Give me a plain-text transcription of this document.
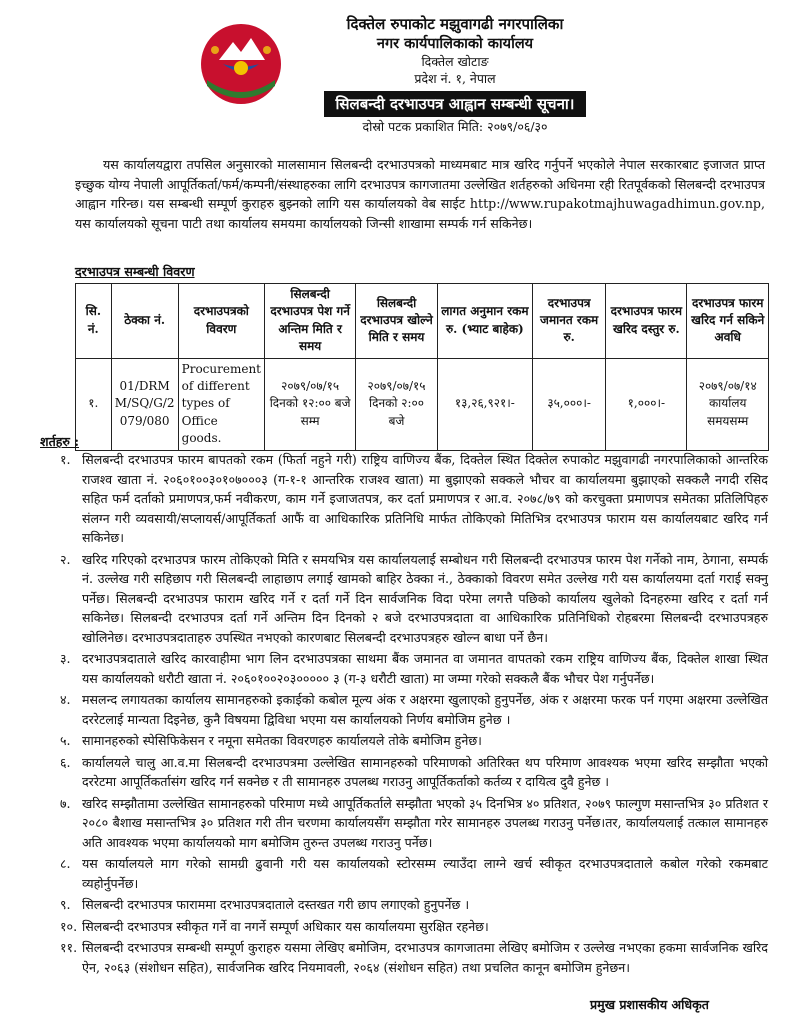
दिक्तेल रुपाकोट मझुवागढी नगरपालिका
नगर कार्यपालिकाको कार्यालय
दिक्तेल खोटाङ
प्रदेश नं. १, नेपाल
सिलबन्दी दरभाउपत्र आह्वान सम्बन्धी सूचना।
दोस्रो पटक प्रकाशित मिति: २०७९/०६/३०

यस कार्यालयद्वारा तपसिल अनुसारको मालसामान सिलबन्दी दरभाउपत्रको माध्यमबाट मात्र खरिद गर्नुपर्ने भएकोले नेपाल सरकारबाट इजाजत प्राप्त इच्छुक योग्य नेपाली आपूर्तिकर्ता/फर्म/कम्पनी/संस्थाहरुका लागि दरभाउपत्र कागजातमा उल्लेखित शर्तहरुको अधिनमा रही रितपूर्वकको सिलबन्दी दरभाउपत्र आह्वान गरिन्छ। यस सम्बन्धी सम्पूर्ण कुराहरु बुझ्नको लागि यस कार्यालयको वेब साईट http://www.rupakotmajhuwagadhimun.gov.np, यस कार्यालयको सूचना पाटी तथा कार्यालय समयमा कार्यालयको जिन्सी शाखामा सम्पर्क गर्न सकिनेछ।

दरभाउपत्र सम्बन्धी विवरण
सि. नं.	ठेक्का नं.	दरभाउपत्रको विवरण	सिलबन्दी दरभाउपत्र पेश गर्ने अन्तिम मिति र समय	सिलबन्दी दरभाउपत्र खोल्ने मिति र समय	लागत अनुमान रकम रु. (भ्याट बाहेक)	दरभाउपत्र जमानत रकम रु.	दरभाउपत्र फारम खरिद दस्तुर रु.	दरभाउपत्र फारम खरिद गर्न सकिने अवधि
१.	01/DRMM/SQ/G/2079/080	Procurement of different types of Office goods.	२०७९/०७/१५ दिनको १२:०० बजे सम्म	२०७९/०७/१५ दिनको २:०० बजे	१३,२६,९२१।-	३५,०००।-	१,०००।-	२०७९/०७/१४ कार्यालय समयसम्म
शर्तहरु :
१. सिलबन्दी दरभाउपत्र फारम बापतको रकम (फिर्ता नहुने गरी) राष्ट्रिय वाणिज्य बैंक, दिक्तेल स्थित दिक्तेल रुपाकोट मझुवागढी नगरपालिकाको आन्तरिक राजश्व खाता नं. २०६०१००३०१०७०००३ (ग-१-१ आन्तरिक राजश्व खाता) मा बुझाएको सक्कले भौचर वा कार्यालयमा बुझाएको सक्कलै नगदी रसिद सहित फर्म दर्ताको प्रमाणपत्र,फर्म नवीकरण, काम गर्ने इजाजतपत्र, कर दर्ता प्रमाणपत्र र आ.व. २०७८/७९ को करचुक्ता प्रमाणपत्र समेतका प्रतिलिपिहरु संलग्न गरी व्यवसायी/सप्लायर्स/आपूर्तिकर्ता आफैं वा आधिकारिक प्रतिनिधि मार्फत तोकिएको मितिभित्र दरभाउपत्र फाराम यस कार्यालयबाट खरिद गर्न सकिनेछ।
२. खरिद गरिएको दरभाउपत्र फारम तोकिएको मिति र समयभित्र यस कार्यालयलाई सम्बोधन गरी सिलबन्दी दरभाउपत्र फारम पेश गर्नेको नाम, ठेगाना, सम्पर्क नं. उल्लेख गरी सहिछाप गरी सिलबन्दी लाहाछाप लगाई खामको बाहिर ठेक्का नं., ठेक्काको विवरण समेत उल्लेख गरी यस कार्यालयमा दर्ता गराई सक्नु पर्नेछ। सिलबन्दी दरभाउपत्र फाराम खरिद गर्ने र दर्ता गर्ने दिन सार्वजनिक विदा परेमा लगत्तै पछिको कार्यालय खुलेको दिनहरुमा खरिद र दर्ता गर्न सकिनेछ। सिलबन्दी दरभाउपत्र दर्ता गर्ने अन्तिम दिन दिनको २ बजे दरभाउपत्रदाता वा आधिकारिक प्रतिनिधिको रोहबरमा सिलबन्दी दरभाउपत्रहरु खोलिनेछ। दरभाउपत्रदाताहरु उपस्थित नभएको कारणबाट सिलबन्दी दरभाउपत्रहरु खोल्न बाधा पर्ने छैन।
३. दरभाउपत्रदाताले खरिद कारवाहीमा भाग लिन दरभाउपत्रका साथमा बैंक जमानत वा जमानत वापतको रकम राष्ट्रिय वाणिज्य बैंक, दिक्तेल शाखा स्थित यस कार्यालयको धरौटी खाता नं. २०६०१००२०३००००० ३ (ग-३ धरौटी खाता) मा जम्मा गरेको सक्कलै बैंक भौचर पेश गर्नुपर्नेछ।
४. मसलन्द लगायतका कार्यालय सामानहरुको इकाईको कबोल मूल्य अंक र अक्षरमा खुलाएको हुनुपर्नेछ, अंक र अक्षरमा फरक पर्न गएमा अक्षरमा उल्लेखित दररेटलाई मान्यता दिइनेछ, कुनै विषयमा द्विविधा भएमा यस कार्यालयको निर्णय बमोजिम हुनेछ ।
५. सामानहरुको स्पेसिफिकेसन र नमूना समेतका विवरणहरु कार्यालयले तोके बमोजिम हुनेछ।
६. कार्यालयले चालु आ.व.मा सिलबन्दी दरभाउपत्रमा उल्लेखित सामानहरुको परिमाणको अतिरिक्त थप परिमाण आवश्यक भएमा खरिद सम्झौता भएको दररेटमा आपूर्तिकर्तासंग खरिद गर्न सक्नेछ र ती सामानहरु उपलब्ध गराउनु आपूर्तिकर्ताको कर्तव्य र दायित्व दुवै हुनेछ ।
७. खरिद सम्झौतामा उल्लेखित सामानहरुको परिमाण मध्ये आपूर्तिकर्ताले सम्झौता भएको ३५ दिनभित्र ४० प्रतिशत, २०७९ फाल्गुण मसान्तभित्र ३० प्रतिशत र २०८० बैशाख मसान्तभित्र ३० प्रतिशत गरी तीन चरणमा कार्यालयसँग सम्झौता गरेर सामानहरु उपलब्ध गराउनु पर्नेछ।तर, कार्यालयलाई तत्काल सामानहरु अति आवश्यक भएमा कार्यालयको माग बमोजिम तुरुन्त उपलब्ध गराउनु पर्नेछ।
८. यस कार्यालयले माग गरेको सामग्री ढुवानी गरी यस कार्यालयको स्टोरसम्म ल्याउँदा लाग्ने खर्च स्वीकृत दरभाउपत्रदाताले कबोल गरेको रकमबाट व्यहोर्नुपर्नेछ।
९. सिलबन्दी दरभाउपत्र फाराममा दरभाउपत्रदाताले दस्तखत गरी छाप लगाएको हुनुपर्नेछ ।
१०. सिलबन्दी दरभाउपत्र स्वीकृत गर्ने वा नगर्ने सम्पूर्ण अधिकार यस कार्यालयमा सुरक्षित रहनेछ।
११. सिलबन्दी दरभाउपत्र सम्बन्धी सम्पूर्ण कुराहरु यसमा लेखिए बमोजिम, दरभाउपत्र कागजातमा लेखिए बमोजिम र उल्लेख नभएका हकमा सार्वजनिक खरिद ऐन, २०६३ (संशोधन सहित), सार्वजनिक खरिद नियमावली, २०६४ (संशोधन सहित) तथा प्रचलित कानून बमोजिम हुनेछन।
प्रमुख प्रशासकीय अधिकृत
